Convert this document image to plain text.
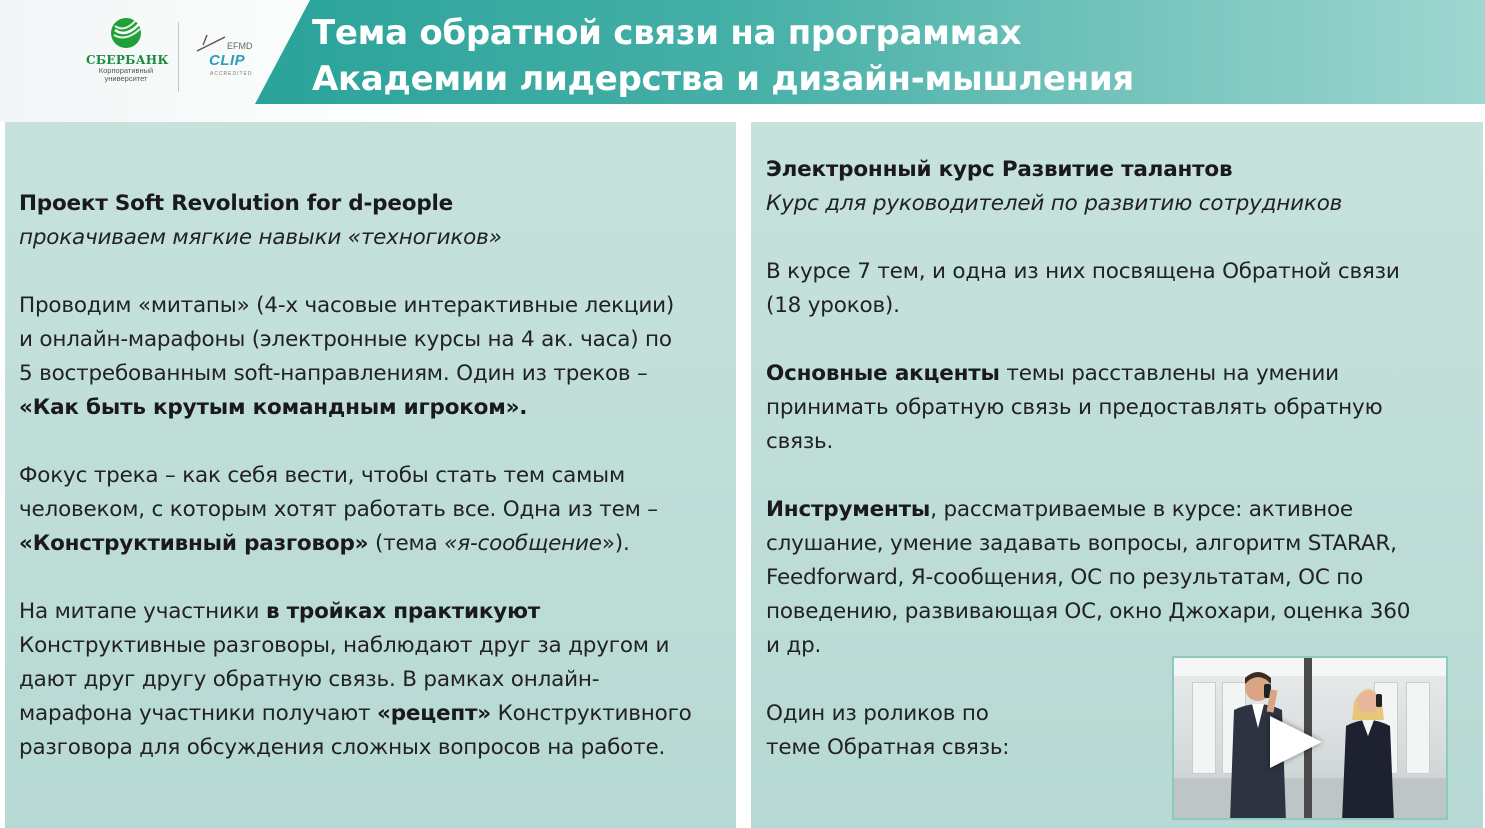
СБЕРБАНК
Корпоративный
университет
EFMD
CLIP
ACCREDITED
Тема обратной связи на программах
Академии лидерства и дизайн-мышления
Проект Soft Revolution for d-people
прокачиваем мягкие навыки «техногиков»
Проводим «митапы» (4-х часовые интерактивные лекции)
и онлайн-марафоны (электронные курсы на 4 ак. часа) по
5 востребованным soft-направлениям. Один из треков –
«Как быть крутым командным игроком».
Фокус трека – как себя вести, чтобы стать тем самым
человеком, с которым хотят работать все. Одна из тем –
«Конструктивный разговор» (тема «я-сообщение»).
На митапе участники в тройках практикуют
Конструктивные разговоры, наблюдают друг за другом и
дают друг другу обратную связь. В рамках онлайн-
марафона участники получают «рецепт» Конструктивного
разговора для обсуждения сложных вопросов на работе.
Электронный курс Развитие талантов
Курс для руководителей по развитию сотрудников
В курсе 7 тем, и одна из них посвящена Обратной связи
(18 уроков).
Основные акценты темы расставлены на умении
принимать обратную связь и предоставлять обратную
связь.
Инструменты, рассматриваемые в курсе: активное
слушание, умение задавать вопросы, алгоритм STARAR,
Feedforward, Я-сообщения, ОС по результатам, ОС по
поведению, развивающая ОС, окно Джохари, оценка 360
и др.
Один из роликов по
теме Обратная связь:
